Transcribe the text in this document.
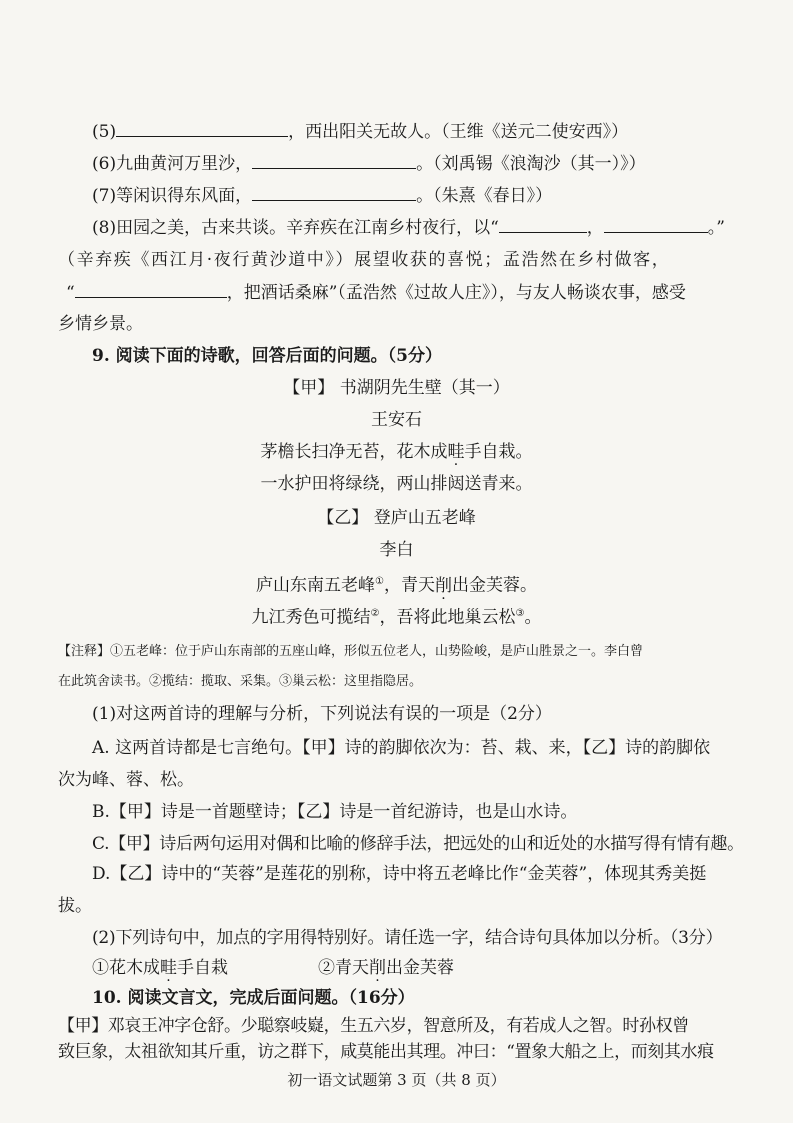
(5)	，西出阳关无故人。（王维《送元二使安西》）
(6)九曲黄河万里沙，	。（刘禹锡《浪淘沙（其一）》）
(7)等闲识得东风面，	。（朱熹《春日》）
(8)田园之美，古来共谈。辛弃疾在江南乡村夜行，以“	，	。”
（辛弃疾《西江月·夜行黄沙道中》）展望收获的喜悦；孟浩然在乡村做客，
“	，把酒话桑麻”（孟浩然《过故人庄》），与友人畅谈农事，感受
乡情乡景。
9. 阅读下面的诗歌，回答后面的问题。（5分）
【甲】 书湖阴先生壁（其一）
王安石
茅檐长扫净无苔，花木成畦手自栽。
一水护田将绿绕，两山排闼送青来。
【乙】 登庐山五老峰
李白
庐山东南五老峰①，青天削出金芙蓉。
九江秀色可揽结②，吾将此地巢云松③。
【注释】①五老峰：位于庐山东南部的五座山峰，形似五位老人，山势险峻，是庐山胜景之一。李白曾
在此筑舍读书。②揽结：揽取、采集。③巢云松：这里指隐居。
(1)对这两首诗的理解与分析，下列说法有误的一项是（2分）
A. 这两首诗都是七言绝句。【甲】诗的韵脚依次为：苔、栽、来，【乙】诗的韵脚依
次为峰、蓉、松。
B.【甲】诗是一首题壁诗；【乙】诗是一首纪游诗，也是山水诗。
C.【甲】诗后两句运用对偶和比喻的修辞手法，把远处的山和近处的水描写得有情有趣。
D.【乙】诗中的“芙蓉”是莲花的别称，诗中将五老峰比作“金芙蓉”，体现其秀美挺
拔。
(2)下列诗句中，加点的字用得特别好。请任选一字，结合诗句具体加以分析。（3分）
①花木成畦手自栽	②青天削出金芙蓉
10. 阅读文言文，完成后面问题。（16分）
【甲】邓哀王冲字仓舒。少聪察岐嶷，生五六岁，智意所及，有若成人之智。时孙权曾
致巨象，太祖欲知其斤重，访之群下，咸莫能出其理。冲曰：“置象大船之上，而刻其水痕
初一语文试题第 3 页（共 8 页）
